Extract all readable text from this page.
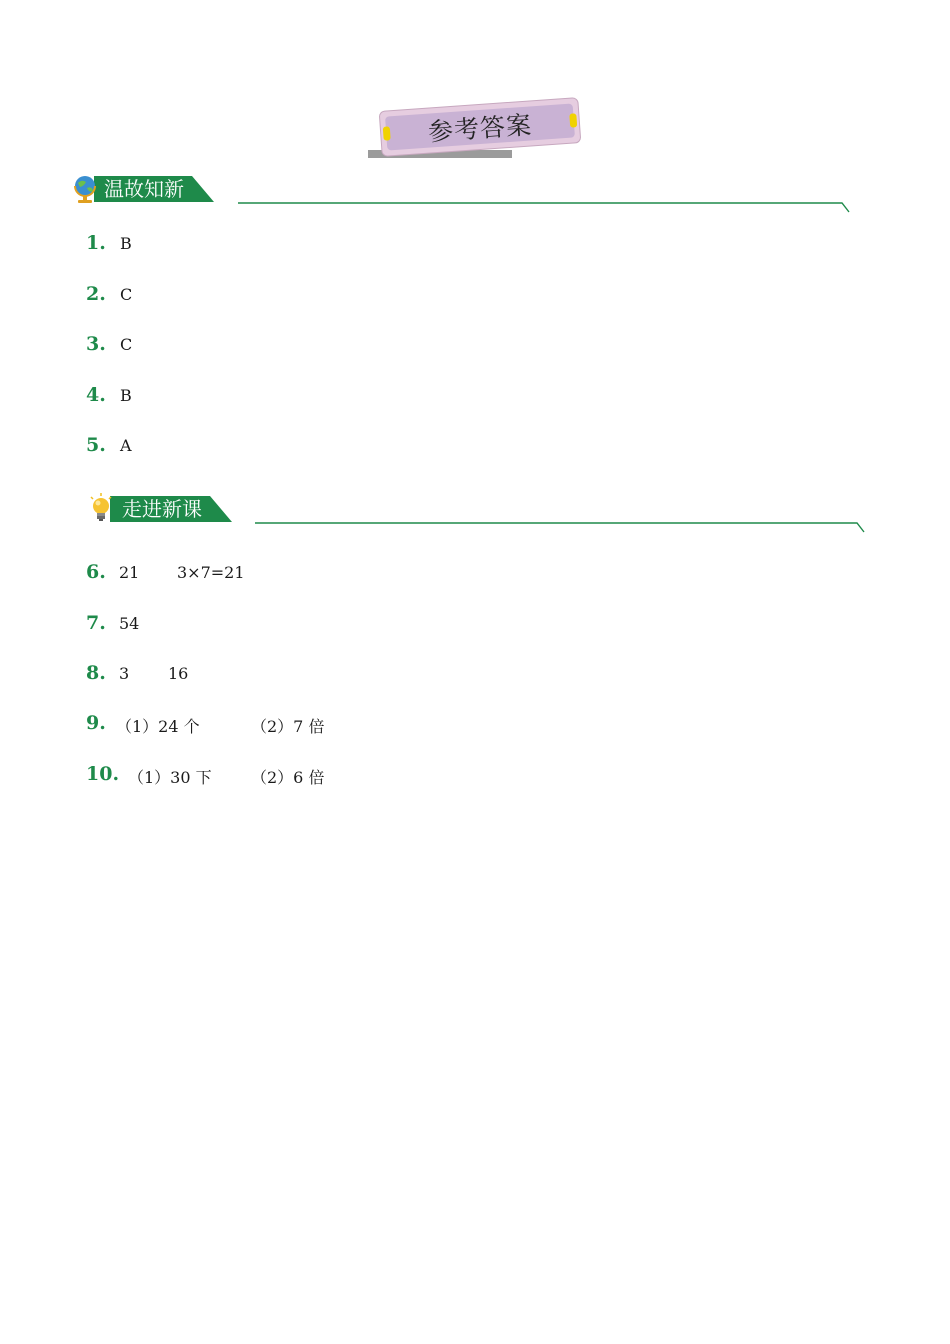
参考答案
温故知新
走进新课
1. B
2. C
3. C
4. B
5. A
6. 21 3×7=21
7. 54
8. 3 16
9. （1）24 个	（2）7 倍
10. （1）30 下 （2）6 倍
